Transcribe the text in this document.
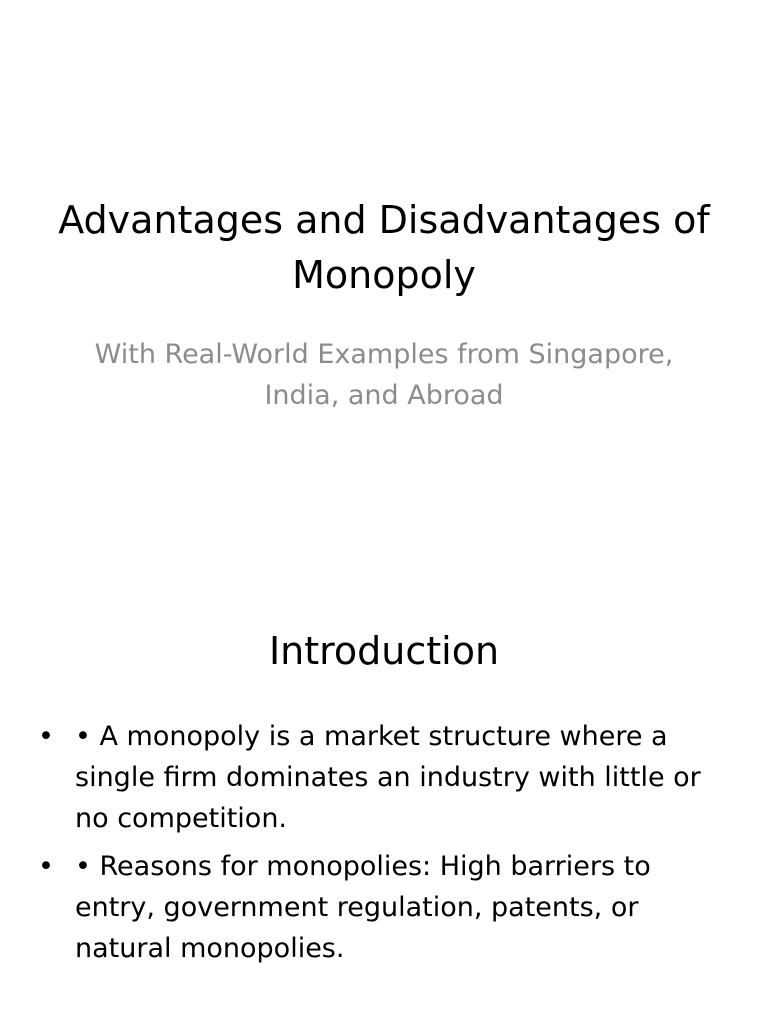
Advantages and Disadvantages of Monopoly

With Real-World Examples from Singapore, India, and Abroad

Introduction
• • A monopoly is a market structure where a single firm dominates an industry with little or no competition.
• • Reasons for monopolies: High barriers to entry, government regulation, patents, or natural monopolies.
